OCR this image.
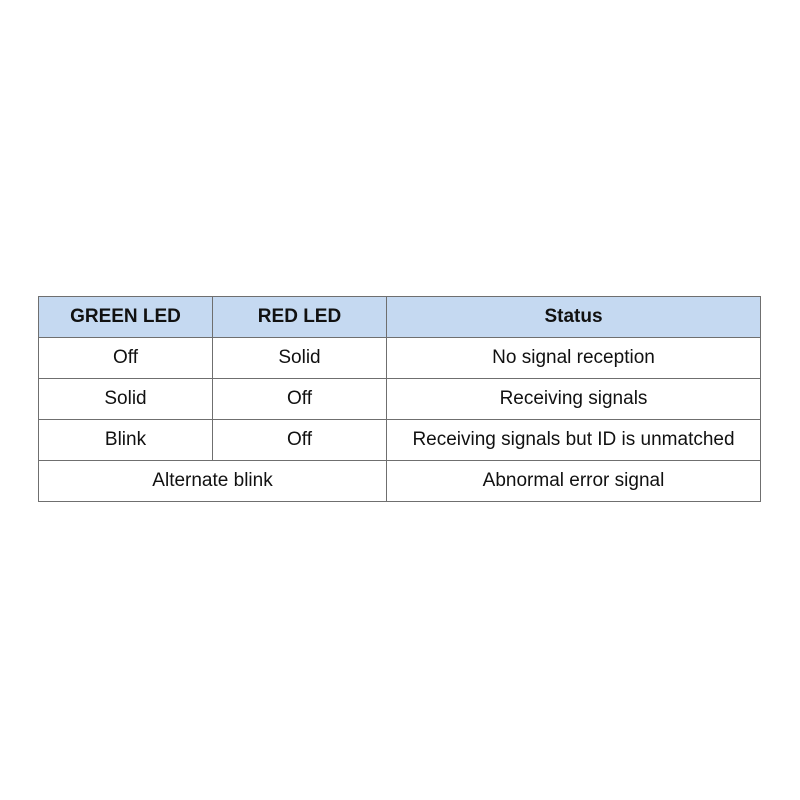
GREEN LED	RED LED	Status
Off	Solid	No signal reception
Solid	Off	Receiving signals
Blink	Off	Receiving signals but ID is unmatched
Alternate blink		Abnormal error signal
